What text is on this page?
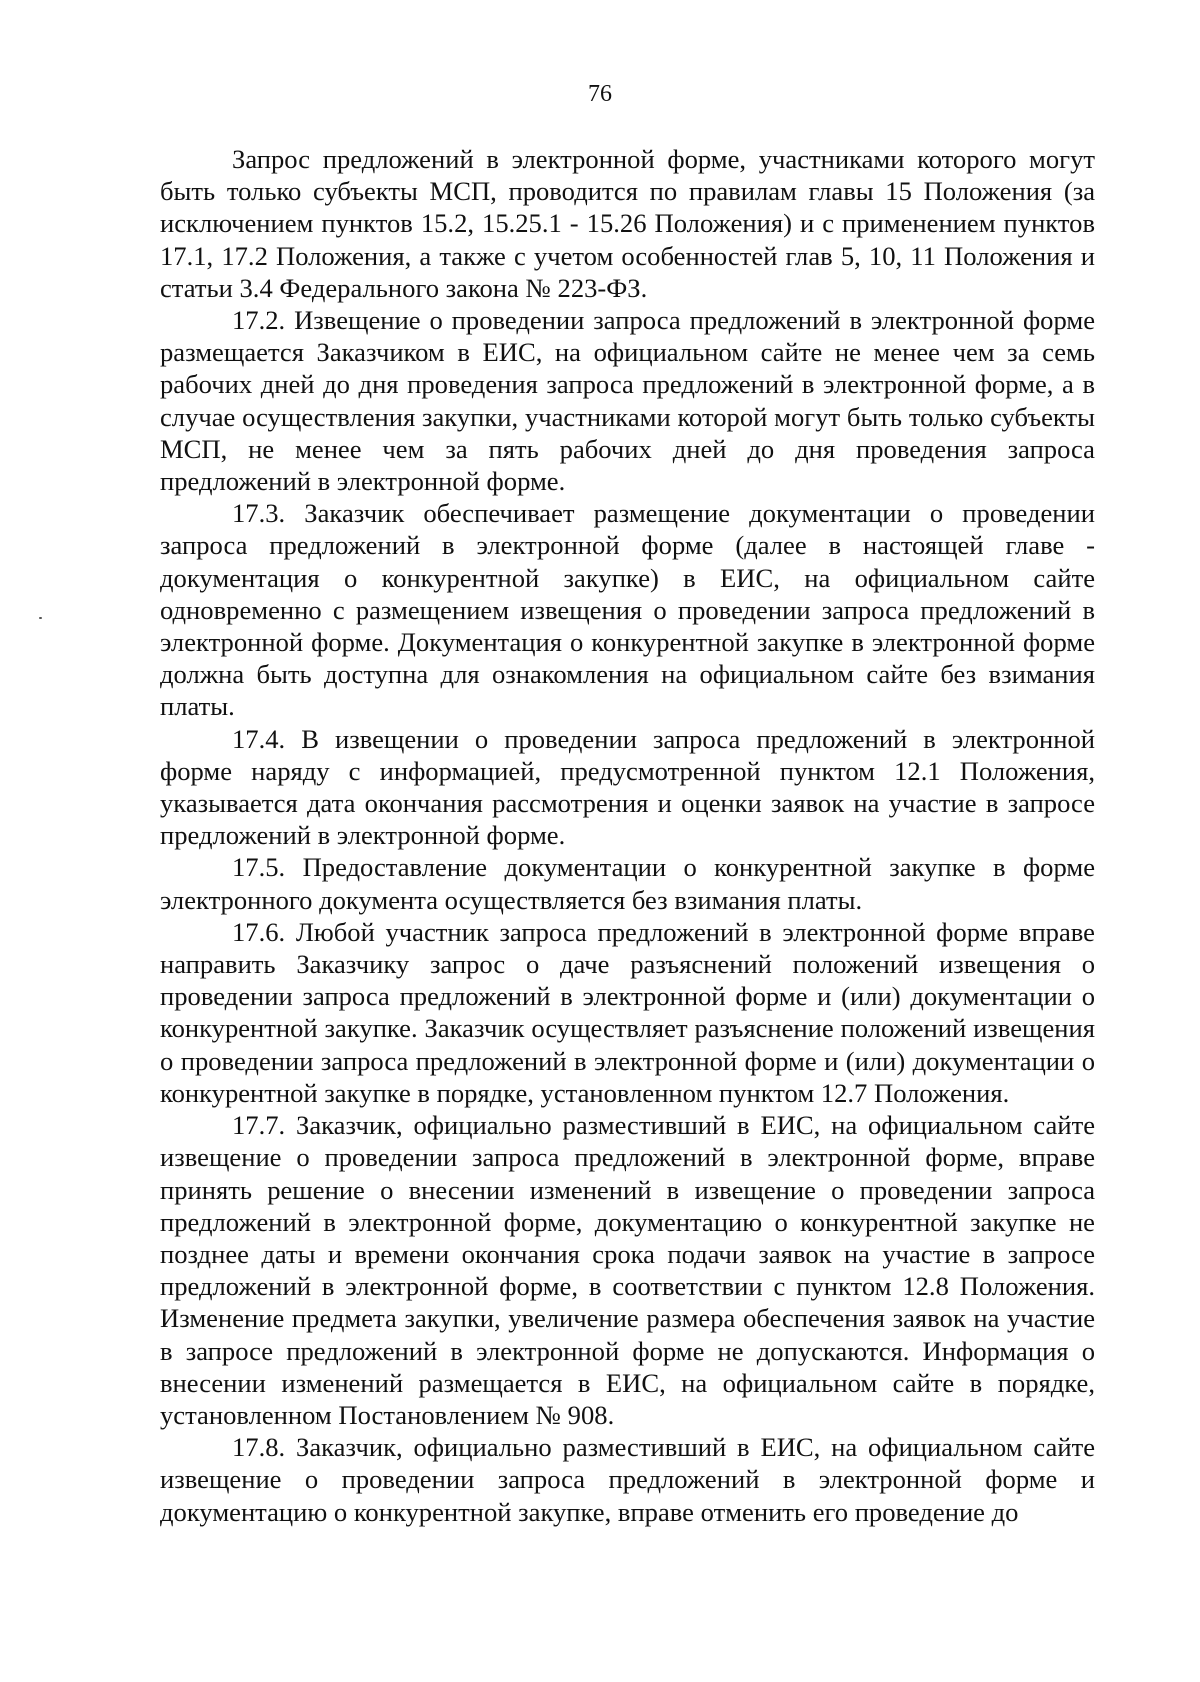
76

Запрос предложений в электронной форме, участниками которого могут быть только субъекты МСП, проводится по правилам главы 15 Положения (за исключением пунктов 15.2, 15.25.1 - 15.26 Положения) и с применением пунктов 17.1, 17.2 Положения, а также с учетом особенностей глав 5, 10, 11 Положения и статьи 3.4 Федерального закона № 223-ФЗ.

17.2. Извещение о проведении запроса предложений в электронной форме размещается Заказчиком в ЕИС, на официальном сайте не менее чем за семь рабочих дней до дня проведения запроса предложений в электронной форме, а в случае осуществления закупки, участниками которой могут быть только субъекты МСП, не менее чем за пять рабочих дней до дня проведения запроса предложений в электронной форме.

17.3. Заказчик обеспечивает размещение документации о проведении запроса предложений в электронной форме (далее в настоящей главе - документация о конкурентной закупке) в ЕИС, на официальном сайте одновременно с размещением извещения о проведении запроса предложений в электронной форме. Документация о конкурентной закупке в электронной форме должна быть доступна для ознакомления на официальном сайте без взимания платы.

17.4. В извещении о проведении запроса предложений в электронной форме наряду с информацией, предусмотренной пунктом 12.1 Положения, указывается дата окончания рассмотрения и оценки заявок на участие в запросе предложений в электронной форме.

17.5. Предоставление документации о конкурентной закупке в форме электронного документа осуществляется без взимания платы.

17.6. Любой участник запроса предложений в электронной форме вправе направить Заказчику запрос о даче разъяснений положений извещения о проведении запроса предложений в электронной форме и (или) документации о конкурентной закупке. Заказчик осуществляет разъяснение положений извещения о проведении запроса предложений в электронной форме и (или) документации о конкурентной закупке в порядке, установленном пунктом 12.7 Положения.

17.7. Заказчик, официально разместивший в ЕИС, на официальном сайте извещение о проведении запроса предложений в электронной форме, вправе принять решение о внесении изменений в извещение о проведении запроса предложений в электронной форме, документацию о конкурентной закупке не позднее даты и времени окончания срока подачи заявок на участие в запросе предложений в электронной форме, в соответствии с пунктом 12.8 Положения. Изменение предмета закупки, увеличение размера обеспечения заявок на участие в запросе предложений в электронной форме не допускаются. Информация о внесении изменений размещается в ЕИС, на официальном сайте в порядке, установленном Постановлением № 908.

17.8. Заказчик, официально разместивший в ЕИС, на официальном сайте извещение о проведении запроса предложений в электронной форме и документацию о конкурентной закупке, вправе отменить его проведение до
